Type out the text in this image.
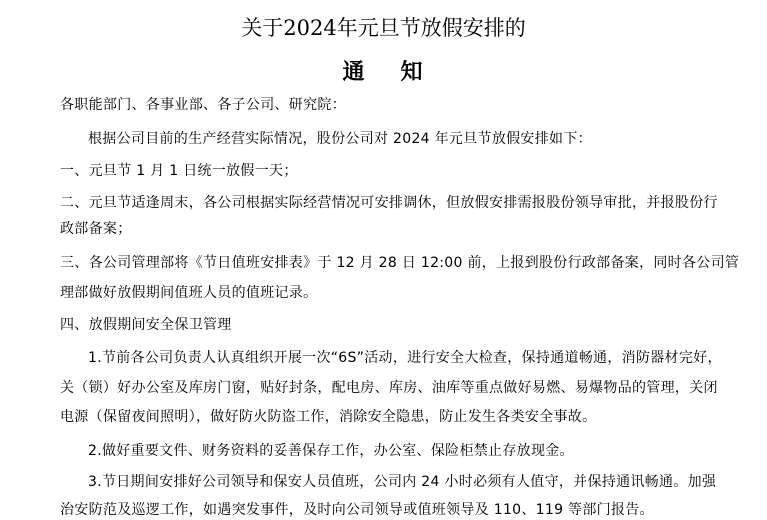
关于2024年元旦节放假安排的
通 知

各职能部门、各事业部、各子公司、研究院：

根据公司目前的生产经营实际情况，股份公司对 2024 年元旦节放假安排如下：

一、元旦节 1 月 1 日统一放假一天；

二、元旦节适逢周末，各公司根据实际经营情况可安排调休，但放假安排需报股份领导审批，并报股份行

政部备案；

三、各公司管理部将《节日值班安排表》于 12 月 28 日 12:00 前，上报到股份行政部备案，同时各公司管

理部做好放假期间值班人员的值班记录。

四、放假期间安全保卫管理

1.节前各公司负责人认真组织开展一次“6S”活动，进行安全大检查，保持通道畅通，消防器材完好，

关（锁）好办公室及库房门窗，贴好封条，配电房、库房、油库等重点做好易燃、易爆物品的管理，关闭

电源（保留夜间照明），做好防火防盗工作，消除安全隐患，防止发生各类安全事故。

2.做好重要文件、财务资料的妥善保存工作，办公室、保险柜禁止存放现金。

3.节日期间安排好公司领导和保安人员值班，公司内 24 小时必须有人值守，并保持通讯畅通。加强

治安防范及巡逻工作，如遇突发事件，及时向公司领导或值班领导及 110、119 等部门报告。
